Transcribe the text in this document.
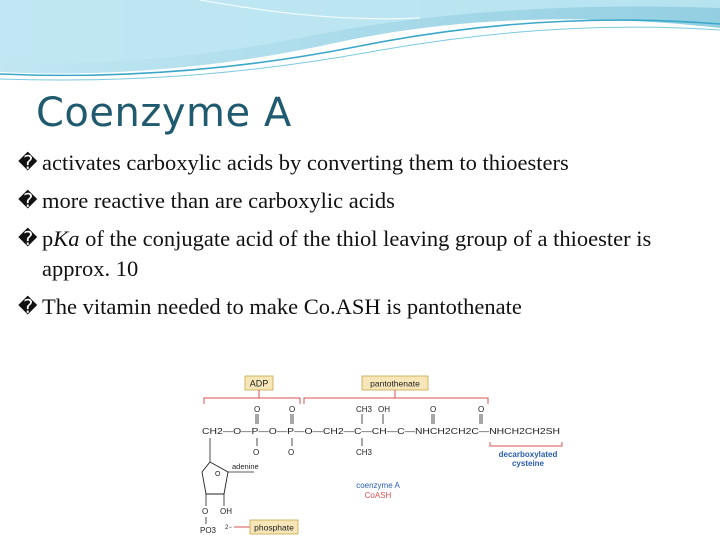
Coenzyme A
� activates carboxylic acids by converting them to thioesters
� more reactive than are carboxylic acids
� pKa of the conjugate acid of the thiol leaving group of a thioester is approx. 10
� The vitamin needed to make Co.ASH is pantothenate
ADP	pantothenate
O	O	CH3 OH	O	O
CH2—O—P—O—P—O—CH2—C—CH—C—NHCH2CH2C—NHCH2CH2SH
O	O	CH3
O
adenine
O OH
PO3 2−	phosphate
decarboxylated
cysteine
coenzyme A
CoASH
